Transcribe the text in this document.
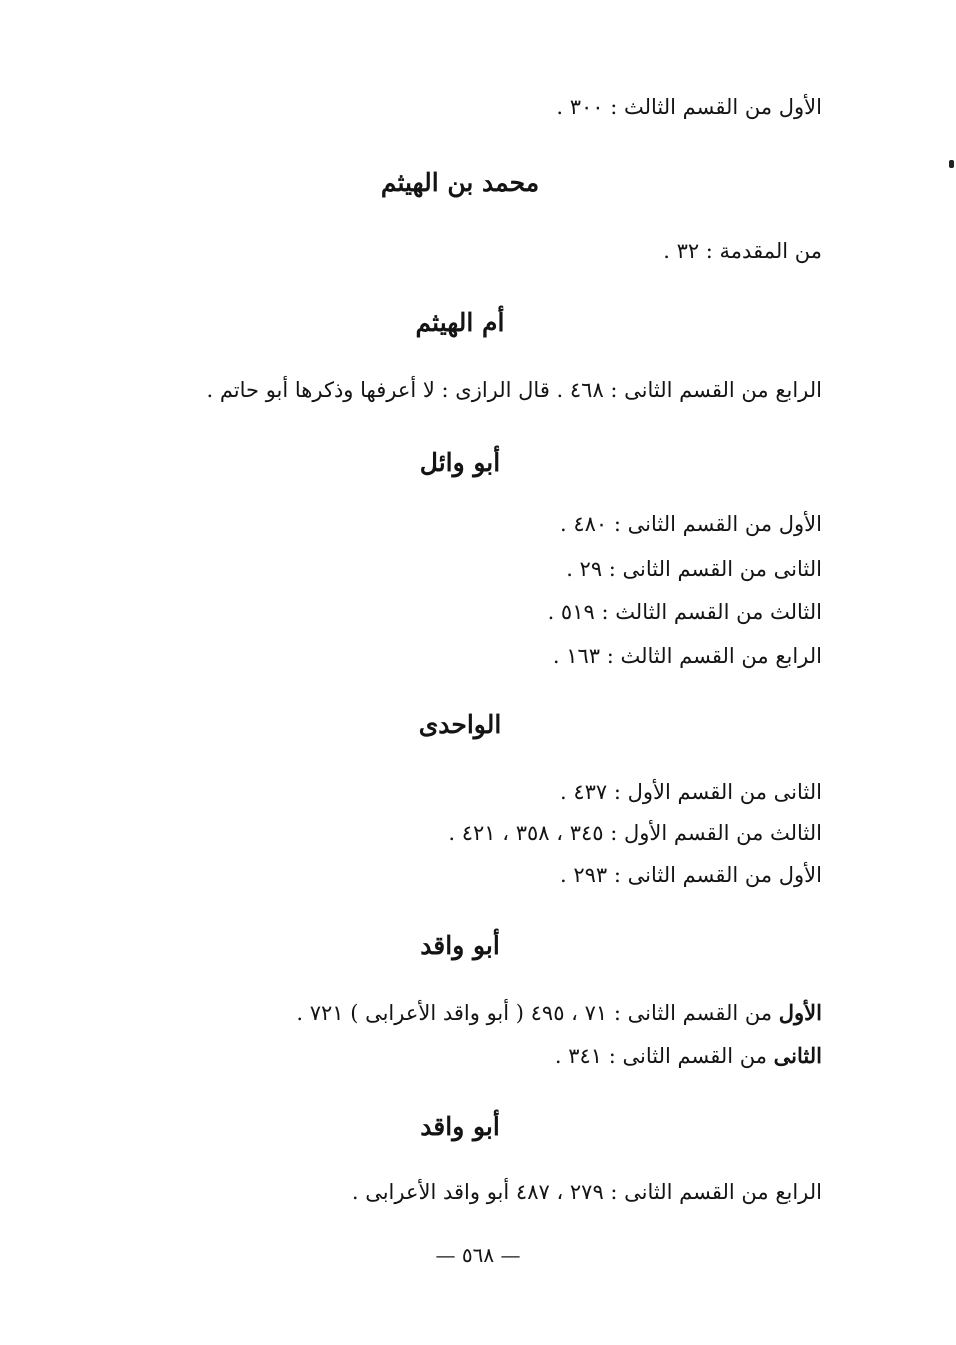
الأول من القسم الثالث : ٣٠٠ .
محمد بن الهيثم
من المقدمة : ٣٢ .
أم الهيثم
الرابع من القسم الثانى : ٤٦٨ . قال الرازى : لا أعرفها وذكرها أبو حاتم .
أبو وائل
الأول من القسم الثانى : ٤٨٠ .
الثانى من القسم الثانى : ٢٩ .
الثالث من القسم الثالث : ٥١٩ .
الرابع من القسم الثالث : ١٦٣ .
الواحدى
الثانى من القسم الأول : ٤٣٧ .
الثالث من القسم الأول : ٣٤٥ ، ٣٥٨ ، ٤٢١ .
الأول من القسم الثانى : ٢٩٣ .
أبو واقد
الأول من القسم الثانى : ٧١ ، ٤٩٥ ( أبو واقد الأعرابى ) ٧٢١ .
الثانى من القسم الثانى : ٣٤١ .
أبو واقد
الرابع من القسم الثانى : ٢٧٩ ، ٤٨٧ أبو واقد الأعرابى .
— ٥٦٨ —
